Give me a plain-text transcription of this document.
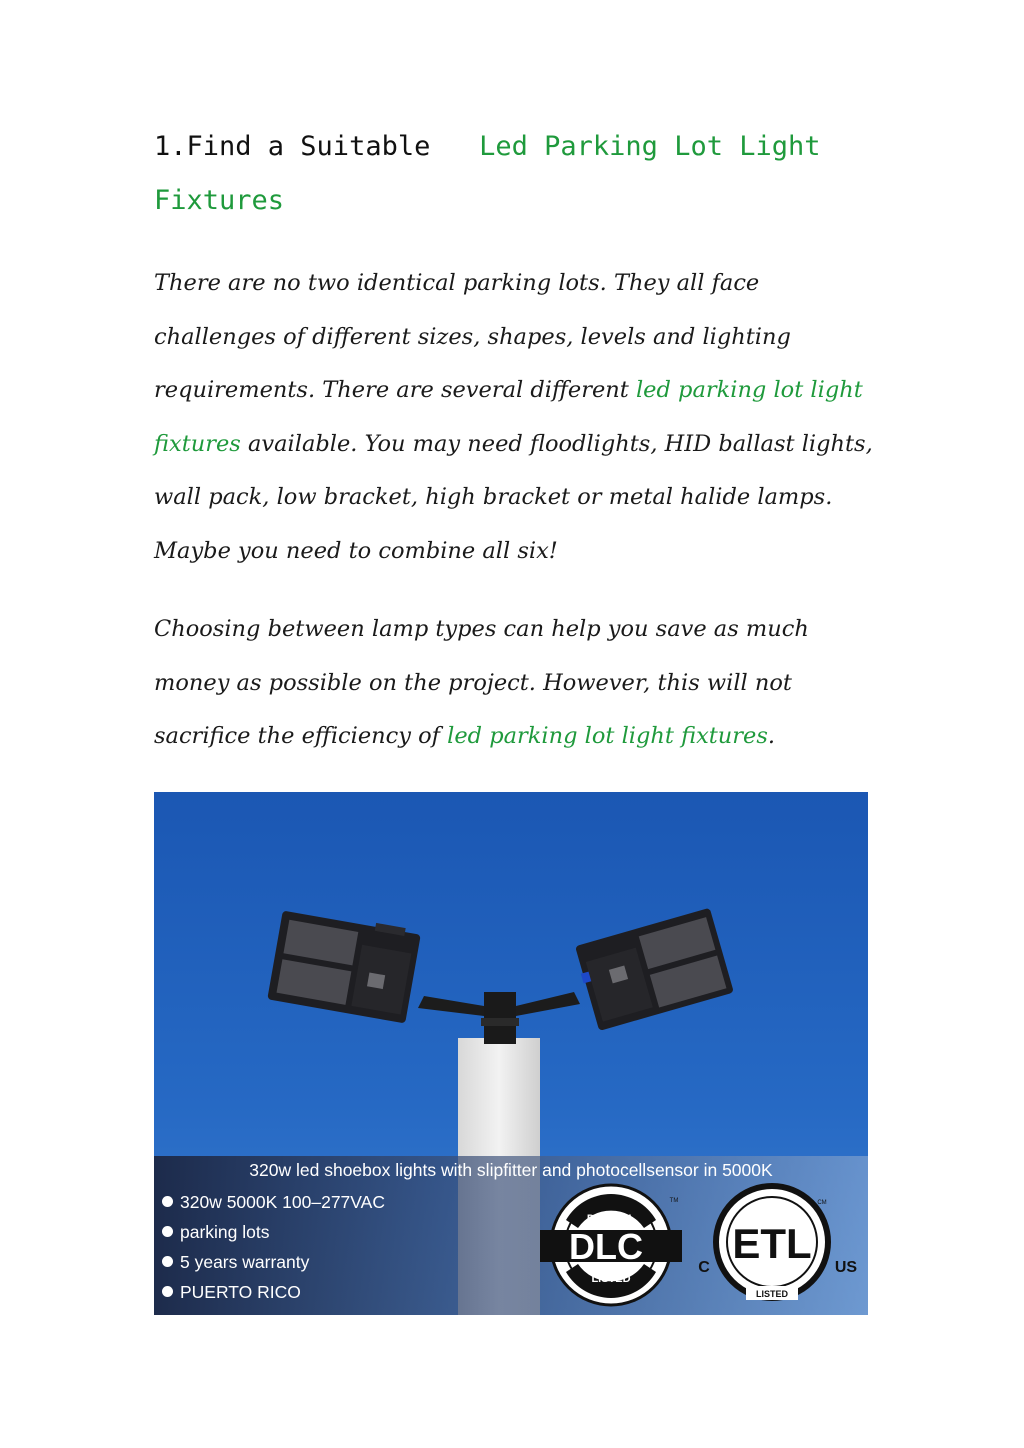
1.Find a Suitable Led Parking Lot Light Fixtures

There are no two identical parking lots. They all face challenges of different sizes, shapes, levels and lighting requirements. There are several different led parking lot light fixtures available. You may need floodlights, HID ballast lights, wall pack, low bracket, high bracket or metal halide lamps. Maybe you need to combine all six!

Choosing between lamp types can help you save as much money as possible on the project. However, this will not sacrifice the efficiency of led parking lot light fixtures.

320w led shoebox lights with slipfitter and photocellsensor in 5000K
320w 5000K 100–277VAC
parking lots
5 years warranty
PUERTO RICO
DLC QPL
DLC
LISTED
TM
ETL
C	US
LISTED
CM
